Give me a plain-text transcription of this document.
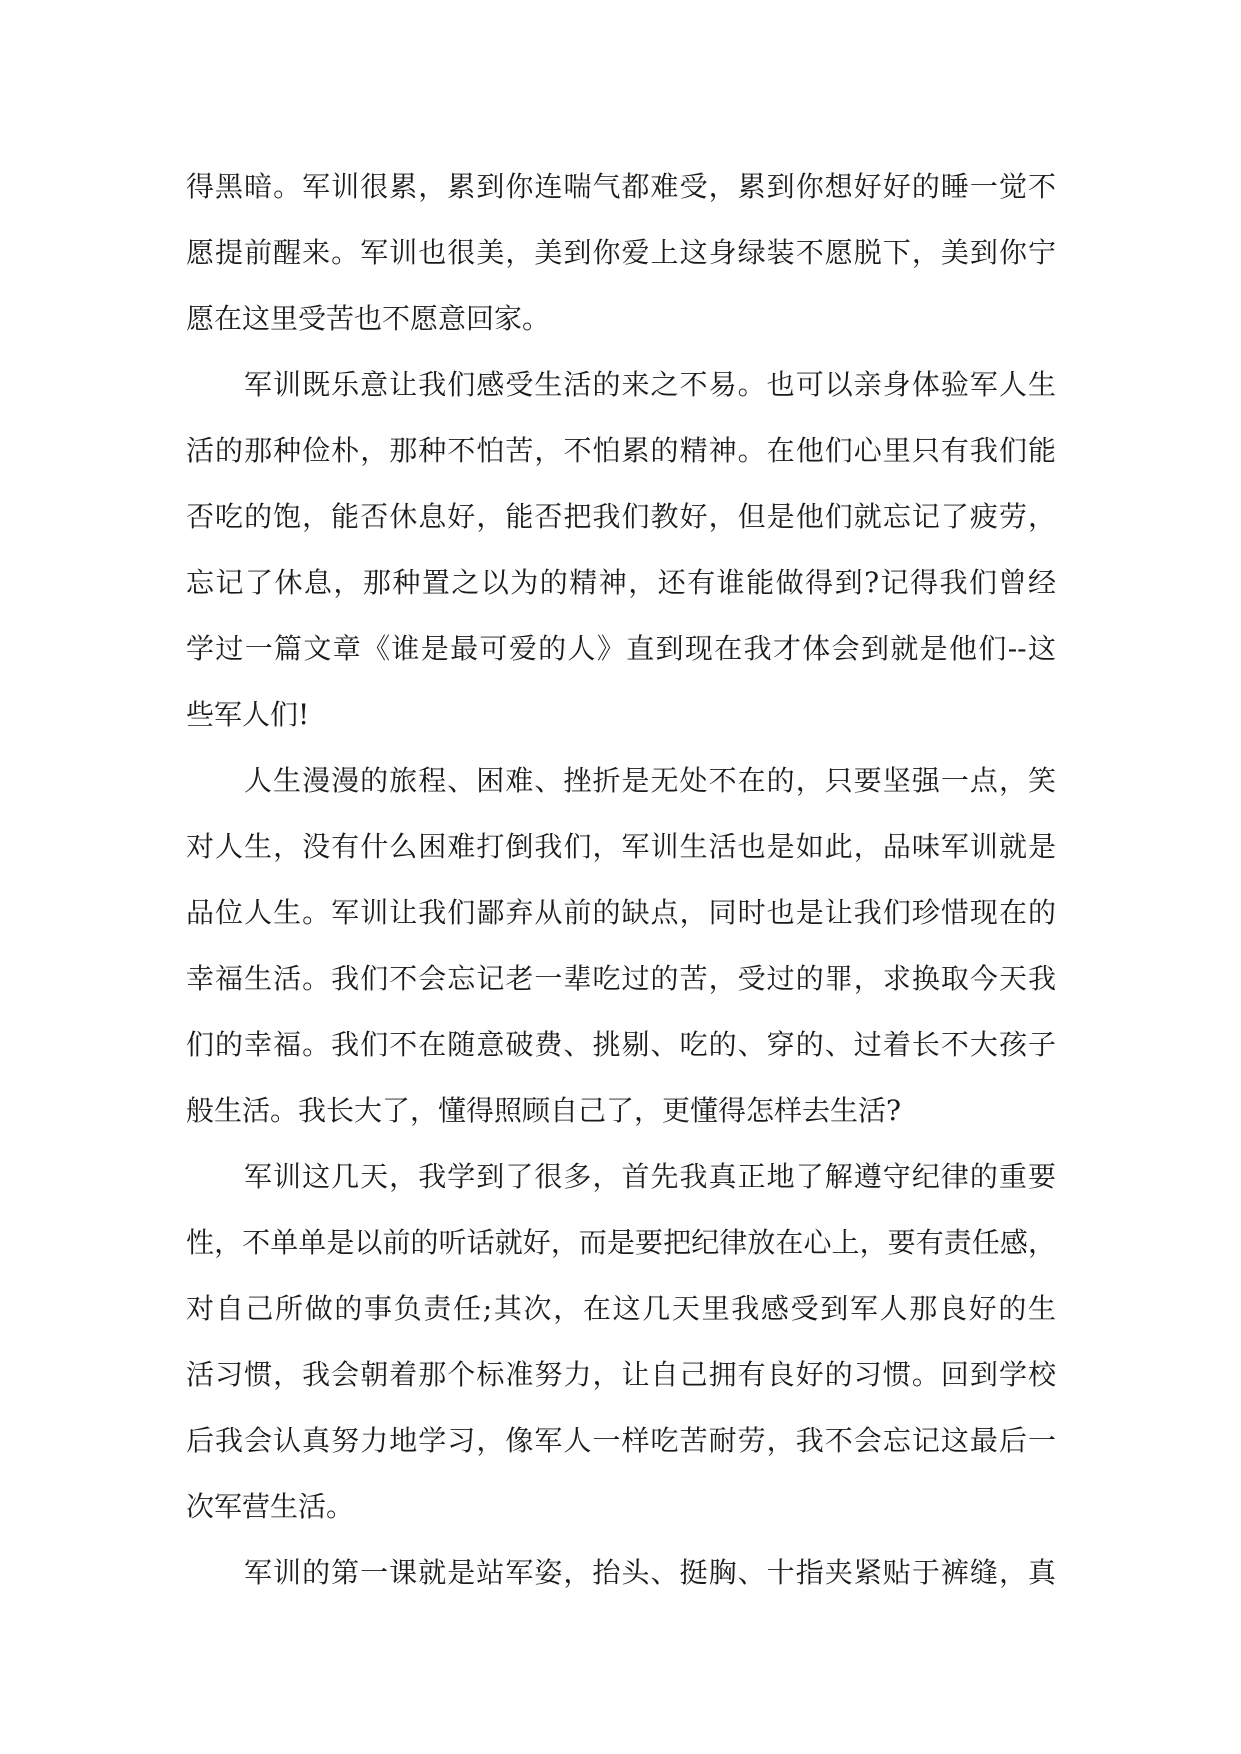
得黑暗。军训很累，累到你连喘气都难受，累到你想好好的睡一觉不
愿提前醒来。军训也很美，美到你爱上这身绿装不愿脱下，美到你宁
愿在这里受苦也不愿意回家。
军训既乐意让我们感受生活的来之不易。也可以亲身体验军人生
活的那种俭朴，那种不怕苦，不怕累的精神。在他们心里只有我们能
否吃的饱，能否休息好，能否把我们教好，但是他们就忘记了疲劳，
忘记了休息，那种置之以为的精神，还有谁能做得到?记得我们曾经
学过一篇文章《谁是最可爱的人》直到现在我才体会到就是他们--这
些军人们!
人生漫漫的旅程、困难、挫折是无处不在的，只要坚强一点，笑
对人生，没有什么困难打倒我们，军训生活也是如此，品味军训就是
品位人生。军训让我们鄙弃从前的缺点，同时也是让我们珍惜现在的
幸福生活。我们不会忘记老一辈吃过的苦，受过的罪，求换取今天我
们的幸福。我们不在随意破费、挑剔、吃的、穿的、过着长不大孩子
般生活。我长大了，懂得照顾自己了，更懂得怎样去生活?
军训这几天，我学到了很多，首先我真正地了解遵守纪律的重要
性，不单单是以前的听话就好，而是要把纪律放在心上，要有责任感，
对自己所做的事负责任;其次，在这几天里我感受到军人那良好的生
活习惯，我会朝着那个标准努力，让自己拥有良好的习惯。回到学校
后我会认真努力地学习，像军人一样吃苦耐劳，我不会忘记这最后一
次军营生活。
军训的第一课就是站军姿，抬头、挺胸、十指夹紧贴于裤缝，真
